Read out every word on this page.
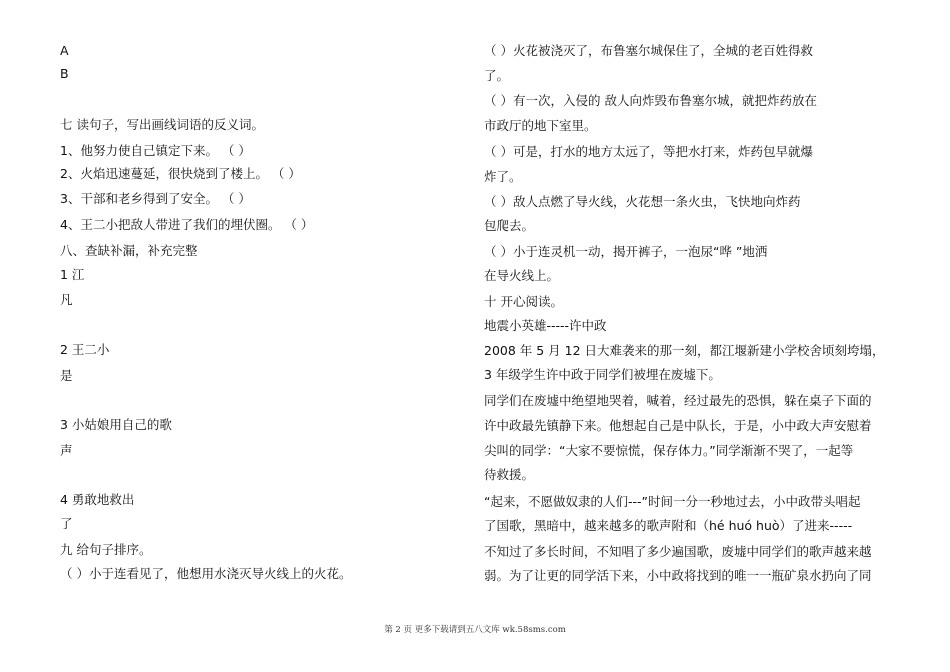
A
B
七 读句子，写出画线词语的反义词。
1、他努力使自己镇定下来。 （ ）
2、火焰迅速蔓延，很快烧到了楼上。 （ ）
3、干部和老乡得到了安全。 （ ）
4、王二小把敌人带进了我们的埋伏圈。 （ ）
八、查缺补漏，补充完整
1 江
凡
2 王二小
是
3 小姑娘用自己的歌
声
4 勇敢地救出
了
九 给句子排序。
（ ）小于连看见了，他想用水浇灭导火线上的火花。
（ ）火花被浇灭了，布鲁塞尔城保住了，全城的老百姓得救
了。
（ ）有一次，入侵的 敌人向炸毁布鲁塞尔城，就把炸药放在
市政厅的地下室里。
（ ）可是，打水的地方太远了，等把水打来，炸药包早就爆
炸了。
（ ）敌人点燃了导火线，火花想一条火虫，飞快地向炸药
包爬去。
（ ）小于连灵机一动，揭开裤子，一泡尿“哗 ”地洒
在导火线上。
十 开心阅读。
地震小英雄-----许中政
2008 年 5 月 12 日大难袭来的那一刻，都江堰新建小学校舍顷刻垮塌，
3 年级学生许中政于同学们被埋在废墟下。
同学们在废墟中绝望地哭着，喊着，经过最先的恐惧，躲在桌子下面的
许中政最先镇静下来。他想起自己是中队长，于是，小中政大声安慰着
尖叫的同学：“大家不要惊慌，保存体力。”同学渐渐不哭了，一起等
待救援。
“起来，不愿做奴隶的人们---”时间一分一秒地过去，小中政带头唱起
了国歌，黑暗中，越来越多的歌声附和（hé huó huò）了进来-----
不知过了多长时间，不知唱了多少遍国歌，废墟中同学们的歌声越来越
弱。为了让更的同学活下来，小中政将找到的唯一一瓶矿泉水扔向了同
第 2 页 更多下载请到五八文库 wk.58sms.com
